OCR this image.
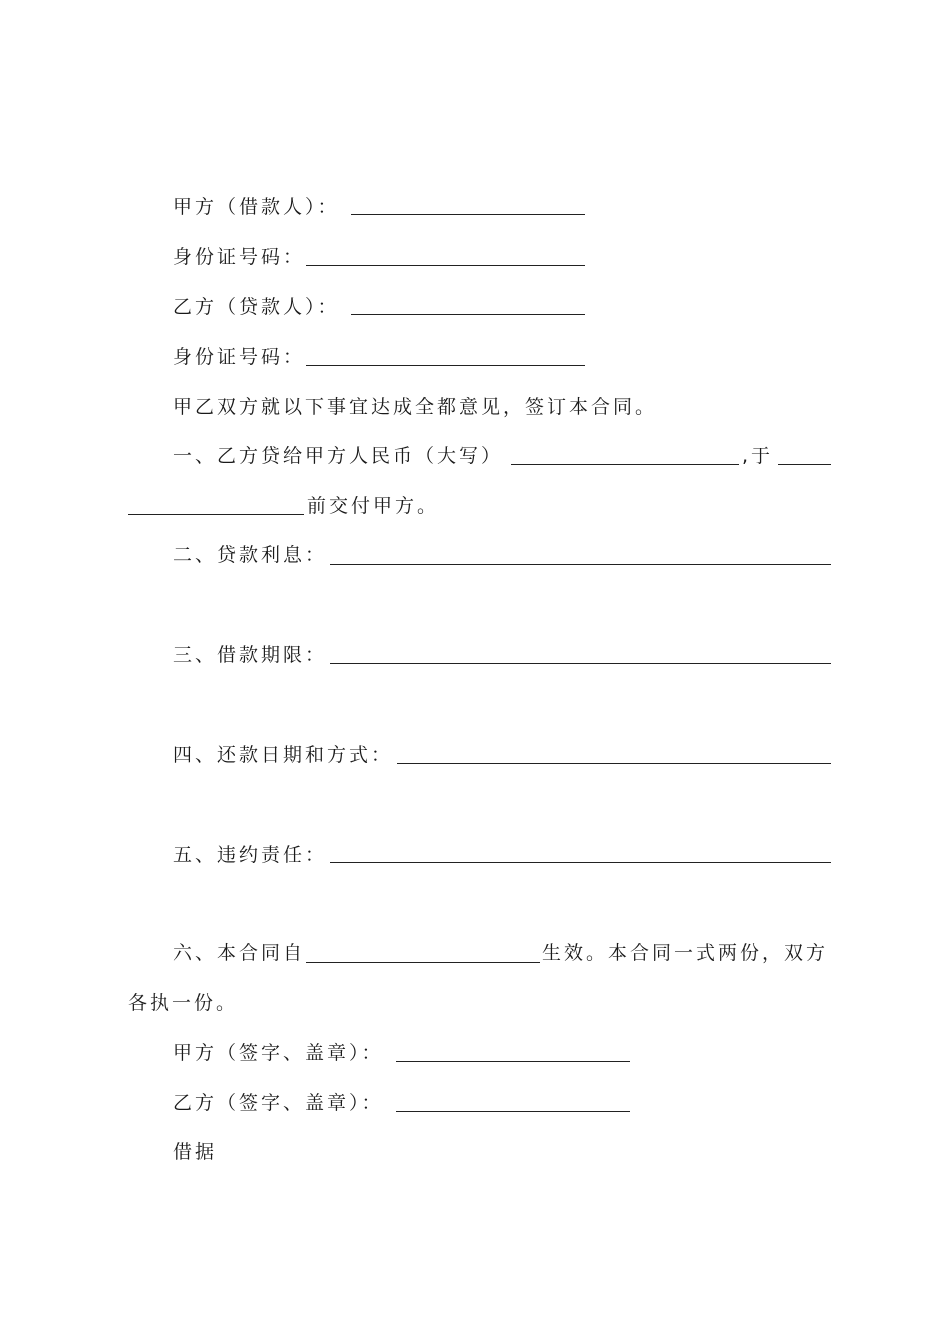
甲方（借款人）：
身份证号码：
乙方（贷款人）：
身份证号码：
甲乙双方就以下事宜达成全都意见，签订本合同。
一、乙方贷给甲方人民币（大写）	,于
前交付甲方。
二、贷款利息：
三、借款期限：
四、还款日期和方式：
五、违约责任：
六、本合同自	生效。本合同一式两份，双方
各执一份。
甲方（签字、盖章）：
乙方（签字、盖章）：
借据
